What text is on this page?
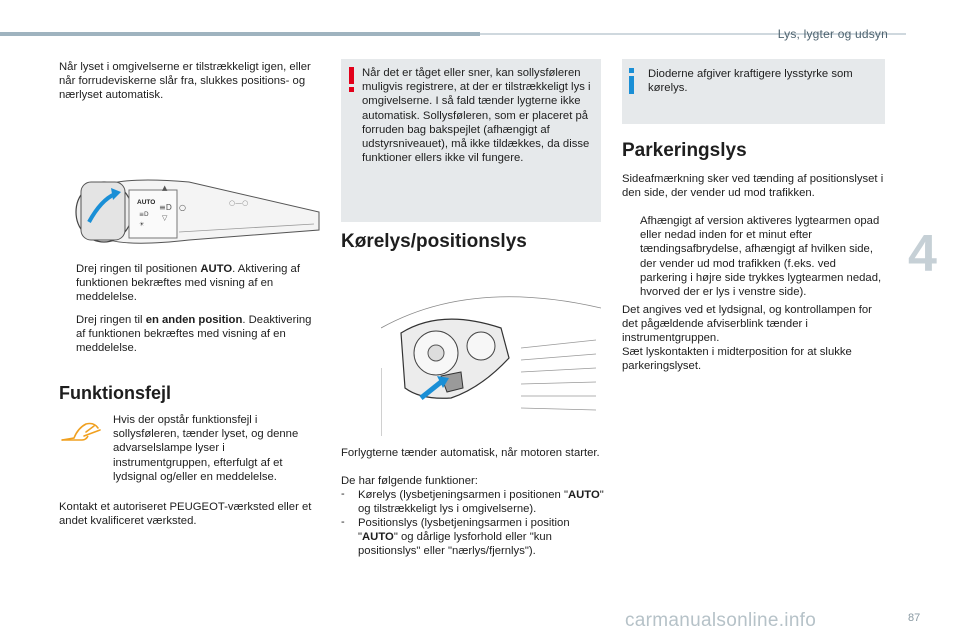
Lys, lygter og udsyn
4
87
carmanualsonline.info

Når lyset i omgivelserne er tilstrækkeligt igen, eller når forrudeviskerne slår fra, slukkes positions- og nærlyset automatisk.

AUTO
≡D
☀
▲
≡D
▽
○	○—○

Drej ringen til positionen AUTO. Aktivering af funktionen bekræftes med visning af en meddelelse.

Drej ringen til en anden position. Deaktivering af funktionen bekræftes med visning af en meddelelse.

Funktionsfejl

Hvis der opstår funktionsfejl i sollysføleren, tænder lyset, og denne advarselslampe lyser i instrumentgruppen, efterfulgt af et lydsignal og/eller en meddelelse.

Kontakt et autoriseret PEUGEOT-værksted eller et andet kvalificeret værksted.

Når det er tåget eller sner, kan sollysføleren muligvis registrere, at der er tilstrækkeligt lys i omgivelserne. I så fald tænder lygterne ikke automatisk. Sollysføleren, som er placeret på forruden bag bakspejlet (afhængigt af udstyrsniveauet), må ikke tildækkes, da disse funktioner ellers ikke vil fungere.

Kørelys/positionslys

Forlygterne tænder automatisk, når motoren starter.

De har følgende funktioner:

- Kørelys (lysbetjeningsarmen i positionen "AUTO" og tilstrækkeligt lys i omgivelserne).

- Positionslys (lysbetjeningsarmen i position "AUTO" og dårlige lysforhold eller "kun positionslys" eller "nærlys/fjernlys").

Dioderne afgiver kraftigere lysstyrke som kørelys.

Parkeringslys

Sideafmærkning sker ved tænding af positionslyset i den side, der vender ud mod trafikken.

Afhængigt af version aktiveres lygtearmen opad eller nedad inden for et minut efter tændingsafbrydelse, afhængigt af hvilken side, der vender ud mod trafikken (f.eks. ved parkering i højre side trykkes lygtearmen nedad, hvorved der er lys i venstre side).

Det angives ved et lydsignal, og kontrollampen for det pågældende afviserblink tænder i instrumentgruppen.

Sæt lyskontakten i midterposition for at slukke parkeringslyset.
